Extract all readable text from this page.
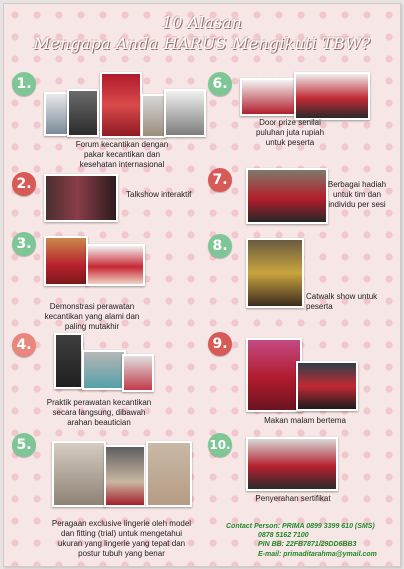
10 Alasan
Mengapa Anda HARUS Mengikuti TBW?
1.
Forum kecantikan dengan pakar kecantikan dan kesehatan internasional
2.
Talkshow interaktif
3.
Demonstrasi perawatan kecantikan yang alami dan paling mutakhir
4.
Praktik perawatan kecantikan secara langsung, dibawah arahan beautician
5.
Peragaan exclusive lingerie oleh model dan fitting (trial) untuk mengetahui ukuran yang lingerie yang tepat dan postur tubuh yang benar
6.
Door prize senilai puluhan juta rupiah untuk peserta
7.	Berbagai hadiah untuk tim dan individu per sesi
8.
Catwalk show untuk peserta
9.
Makan malam bertema
10.
Penyerahan sertifikat
Contact Person: PRIMA 0899 3399 610 (SMS)
0878 5162 7100
PIN BB: 22FB7871/29DD6BB3
E-mail: primaditarahma@ymail.com
